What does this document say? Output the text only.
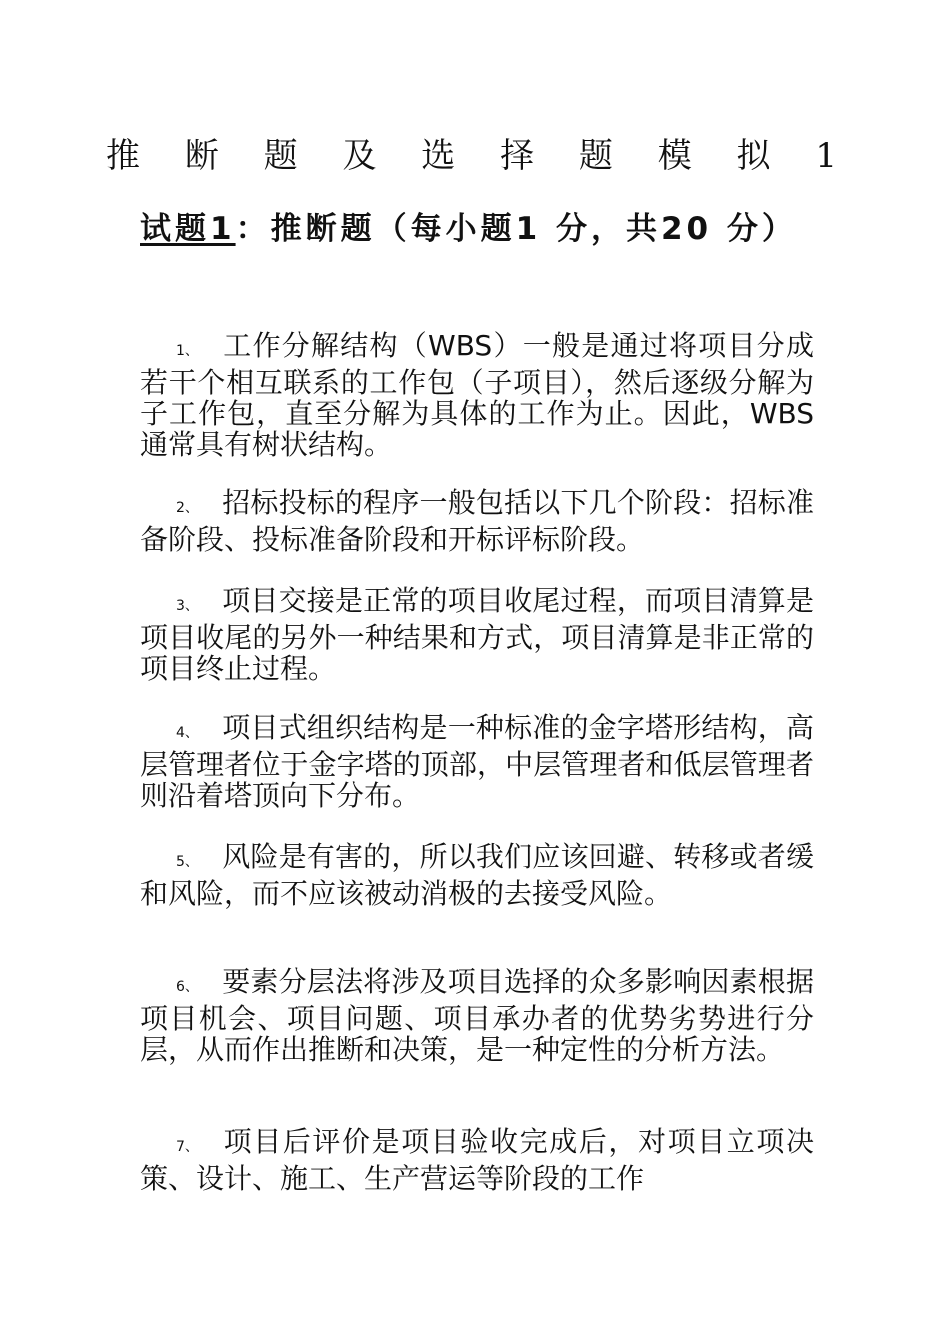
推 断 题 及 选 择 题 模 拟 1
试题1：推断题（每小题1 分，共20 分）

1、 工作分解结构（WBS）一般是通过将项目分成若干个相互联系的工作包（子项目），然后逐级分解为子工作包，直至分解为具体的工作为止。因此，WBS 通常具有树状结构。

2、 招标投标的程序一般包括以下几个阶段：招标准备阶段、投标准备阶段和开标评标阶段。

3、 项目交接是正常的项目收尾过程，而项目清算是项目收尾的另外一种结果和方式，项目清算是非正常的项目终止过程。

4、 项目式组织结构是一种标准的金字塔形结构，高层管理者位于金字塔的顶部，中层管理者和低层管理者则沿着塔顶向下分布。

5、 风险是有害的，所以我们应该回避、转移或者缓和风险，而不应该被动消极的去接受风险。

6、 要素分层法将涉及项目选择的众多影响因素根据项目机会、项目问题、项目承办者的优势劣势进行分层，从而作出推断和决策，是一种定性的分析方法。

7、 项目后评价是项目验收完成后，对项目立项决策、设计、施工、生产营运等阶段的工作
